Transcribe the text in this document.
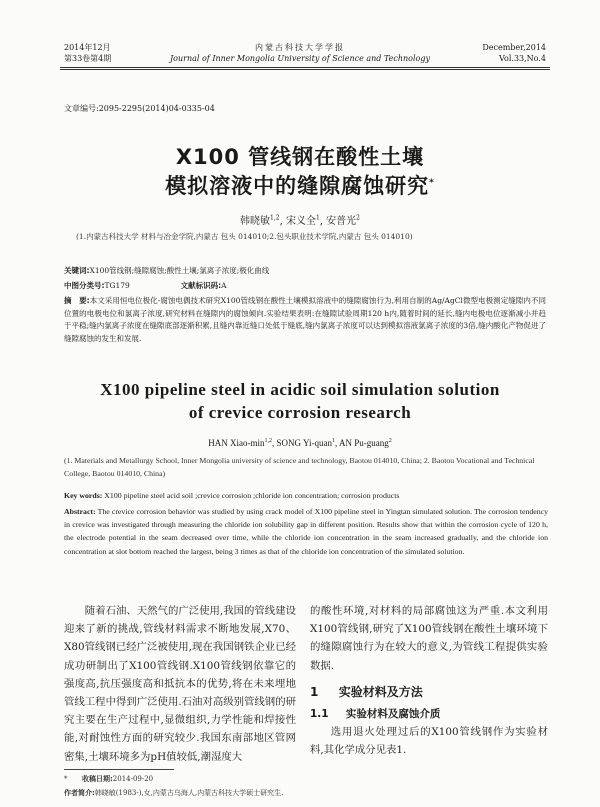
2014年12月
第33卷第4期
内蒙古科技大学学报
Journal of Inner Mongolia University of Science and Technology
December,2014
Vol.33,No.4
文章编号:2095-2295(2014)04-0335-04
X100 管线钢在酸性土壤
模拟溶液中的缝隙腐蚀研究*
韩晓敏$^{1,2}$, 宋义全$^1$, 安普光$^2$
(1.内蒙古科技大学 材料与冶金学院,内蒙古 包头 014010;2.包头职业技术学院,内蒙古 包头 014010)
关键词:X100管线钢;缝隙腐蚀;酸性土壤;氯离子浓度;极化曲线
中图分类号:TG179	文献标识码:A
摘　要:本文采用恒电位极化-腐蚀电偶技术研究X100管线钢在酸性土壤模拟溶液中的缝隙腐蚀行为,利用自制的Ag/AgCl微型电极测定缝隙内不同位置的电极电位和氯离子浓度,研究材料在缝隙内的腐蚀倾向.实验结果表明:在缝隙试验周期120 h内,随着时间的延长,缝内电极电位逐渐减小并趋于平稳;缝内氯离子浓度在缝隙底部逐渐积累,且缝内靠近缝口处低于缝底,缝内氯离子浓度可以达到模拟溶液氯离子浓度的3倍,缝内酸化产物促进了缝隙腐蚀的发生和发展.
X100 pipeline steel in acidic soil simulation solution
of crevice corrosion research
HAN Xiao-$\min^{1,2}$, SONG Yi-quan$^1$, AN Pu-guang$^2$
(1. Materials and Metallurgy School, Inner Mongolia university of science and technology, Baotou 014010, China; 2. Baotou Vocational and Technical College, Baotou 014010, China)
Key words: X100 pipeline steel acid soil ;crevice corrosion ;chloride ion concentration; corrosion products
Abstract: The crevice corrosion behavior was studied by using crack model of X100 pipeline steel in Yingtan simulated solution. The corrosion tendency in crevice was investigated through measuring the chloride ion solubility gap in different position. Results show that within the corrosion cycle of 120 h, the electrode potential in the seam decreased over time, while the chloride ion concentration in the seam increased gradually, and the chloride ion concentration at slot bottom reached the largest, being 3 times as that of the chloride ion concentration of the simulated solution.
随着石油、天然气的广泛使用,我国的管线建设迎来了新的挑战,管线材料需求不断地发展,X70、X80管线钢已经广泛被使用,现在我国钢铁企业已经成功研制出了X100管线钢.X100管线钢依靠它的强度高,抗压强度高和抵抗本的优势,将在未来埋地管线工程中得到广泛使用.石油对高级别管线钢的研究主要在生产过程中,显微组织,力学性能和焊接性能,对耐蚀性方面的研究较少.我国东南部地区管网密集,土壤环境多为pH值较低,潮湿度大
的酸性环境,对材料的局部腐蚀这为严重.本文利用X100管线钢,研究了X100管线钢在酸性土壤环境下的缝隙腐蚀行为在较大的意义,为管线工程提供实验数据.
1 实验材料及方法
1.1 实验材料及腐蚀介质
选用退火处理过后的X100管线钢作为实验材料,其化学成分见表1.
* 收稿日期:2014-09-20
作者简介:韩晓敏(1983-),女,内蒙古乌海人,内蒙古科技大学硕士研究生.
